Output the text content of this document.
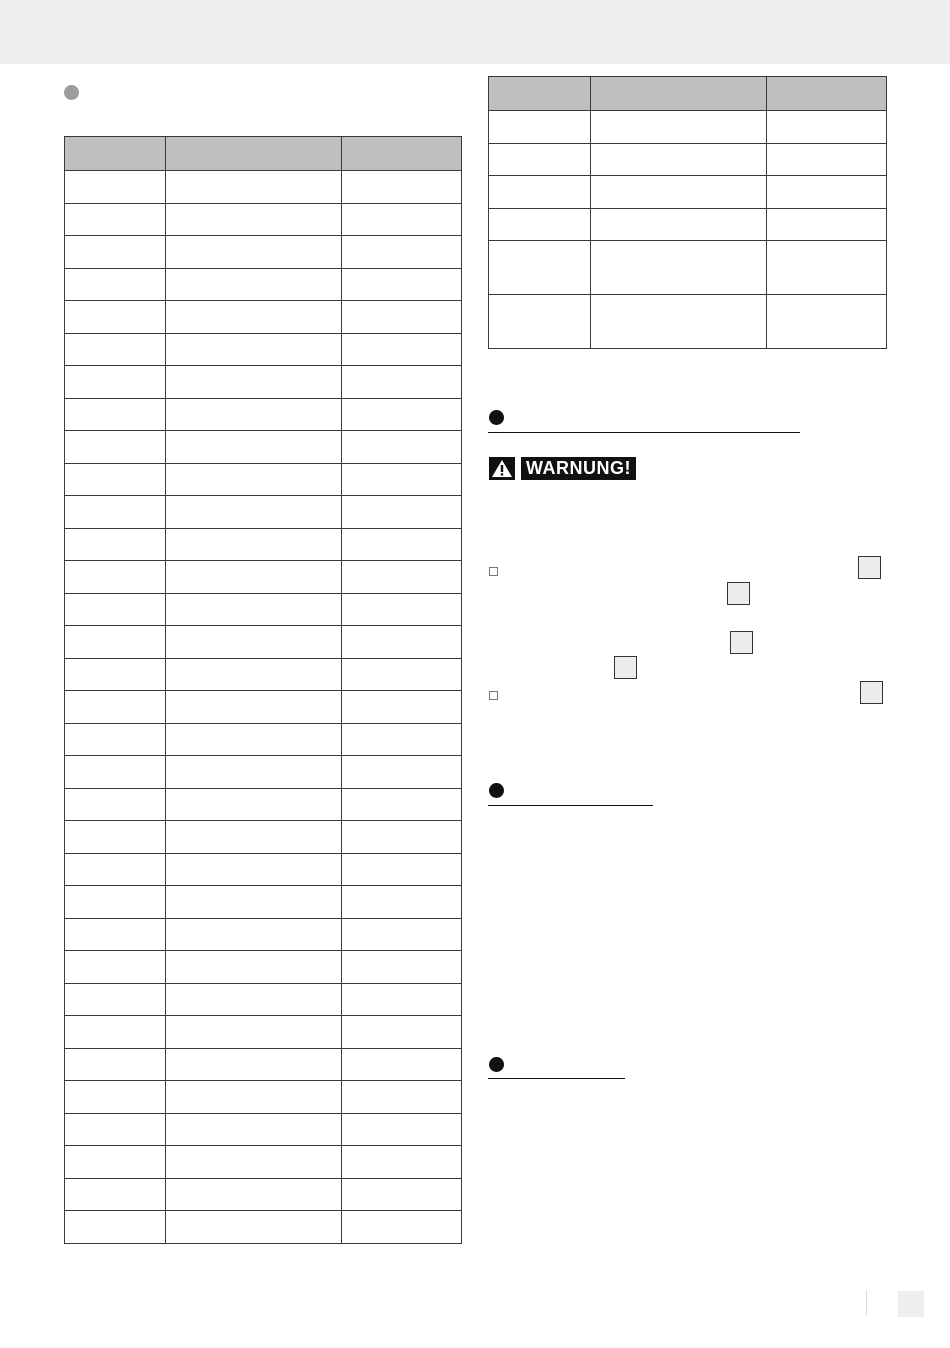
WARNUNG!
